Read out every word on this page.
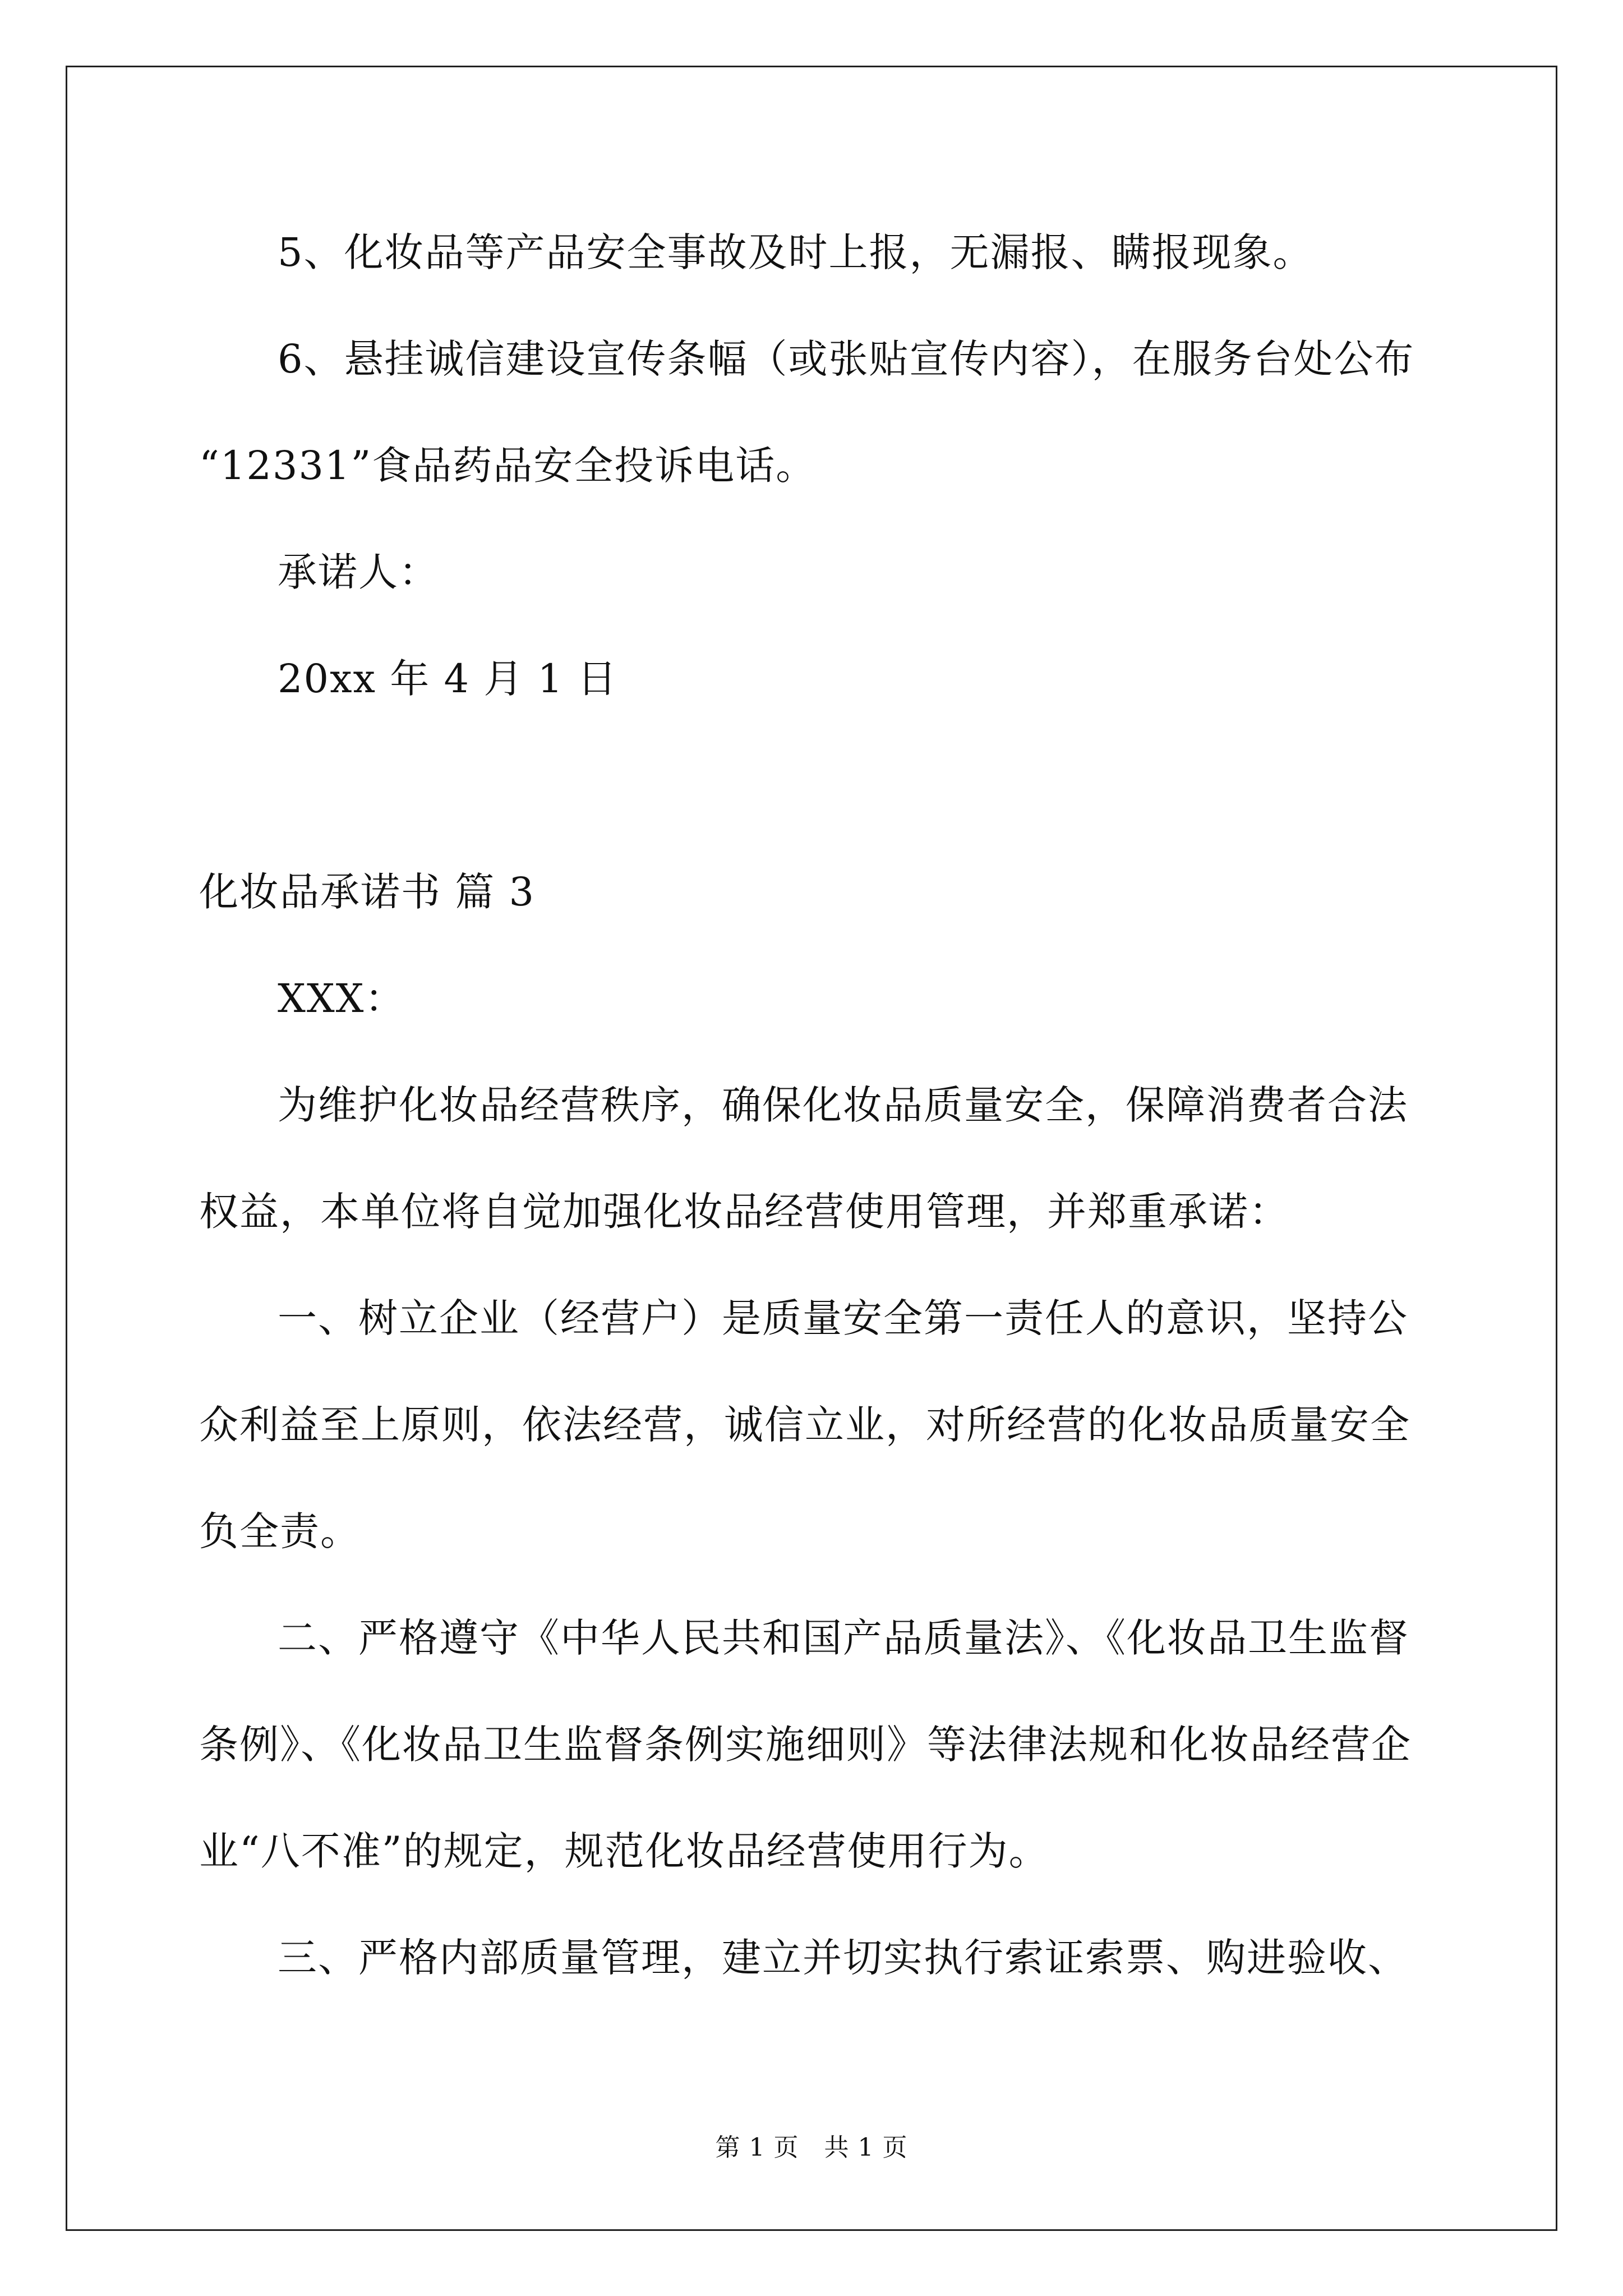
5、化妆品等产品安全事故及时上报，无漏报、瞒报现象。
6、悬挂诚信建设宣传条幅（或张贴宣传内容），在服务台处公布
“12331”食品药品安全投诉电话。
承诺人：
20xx 年 4 月 1 日
化妆品承诺书 篇 3
XXX：
为维护化妆品经营秩序，确保化妆品质量安全，保障消费者合法
权益，本单位将自觉加强化妆品经营使用管理，并郑重承诺：
一、树立企业（经营户）是质量安全第一责任人的意识，坚持公
众利益至上原则，依法经营，诚信立业，对所经营的化妆品质量安全
负全责。
二、严格遵守《中华人民共和国产品质量法》、《化妆品卫生监督
条例》、《化妆品卫生监督条例实施细则》等法律法规和化妆品经营企
业“八不准”的规定，规范化妆品经营使用行为。
三、严格内部质量管理，建立并切实执行索证索票、购进验收、
第 1 页　共 1 页
